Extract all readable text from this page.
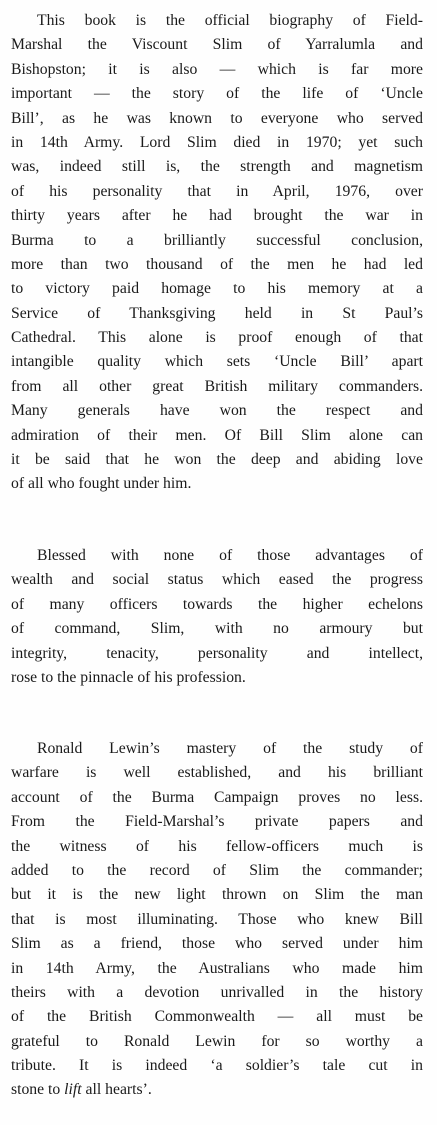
This book is the official biography of Field-
Marshal the Viscount Slim of Yarralumla and
Bishopston; it is also — which is far more
important — the story of the life of ‘Uncle
Bill’, as he was known to everyone who served
in 14th Army. Lord Slim died in 1970; yet such
was, indeed still is, the strength and magnetism
of his personality that in April, 1976, over
thirty years after he had brought the war in
Burma to a brilliantly successful conclusion,
more than two thousand of the men he had led
to victory paid homage to his memory at a
Service of Thanksgiving held in St Paul’s
Cathedral. This alone is proof enough of that
intangible quality which sets ‘Uncle Bill’ apart
from all other great British military commanders.
Many generals have won the respect and
admiration of their men. Of Bill Slim alone can
it be said that he won the deep and abiding love
of all who fought under him.
Blessed with none of those advantages of
wealth and social status which eased the progress
of many officers towards the higher echelons
of command, Slim, with no armoury but
integrity, tenacity, personality and intellect,
rose to the pinnacle of his profession.
Ronald Lewin’s mastery of the study of
warfare is well established, and his brilliant
account of the Burma Campaign proves no less.
From the Field-Marshal’s private papers and
the witness of his fellow-officers much is
added to the record of Slim the commander;
but it is the new light thrown on Slim the man
that is most illuminating. Those who knew Bill
Slim as a friend, those who served under him
in 14th Army, the Australians who made him
theirs with a devotion unrivalled in the history
of the British Commonwealth — all must be
grateful to Ronald Lewin for so worthy a
tribute. It is indeed ‘a soldier’s tale cut in
stone to lift all hearts’.
